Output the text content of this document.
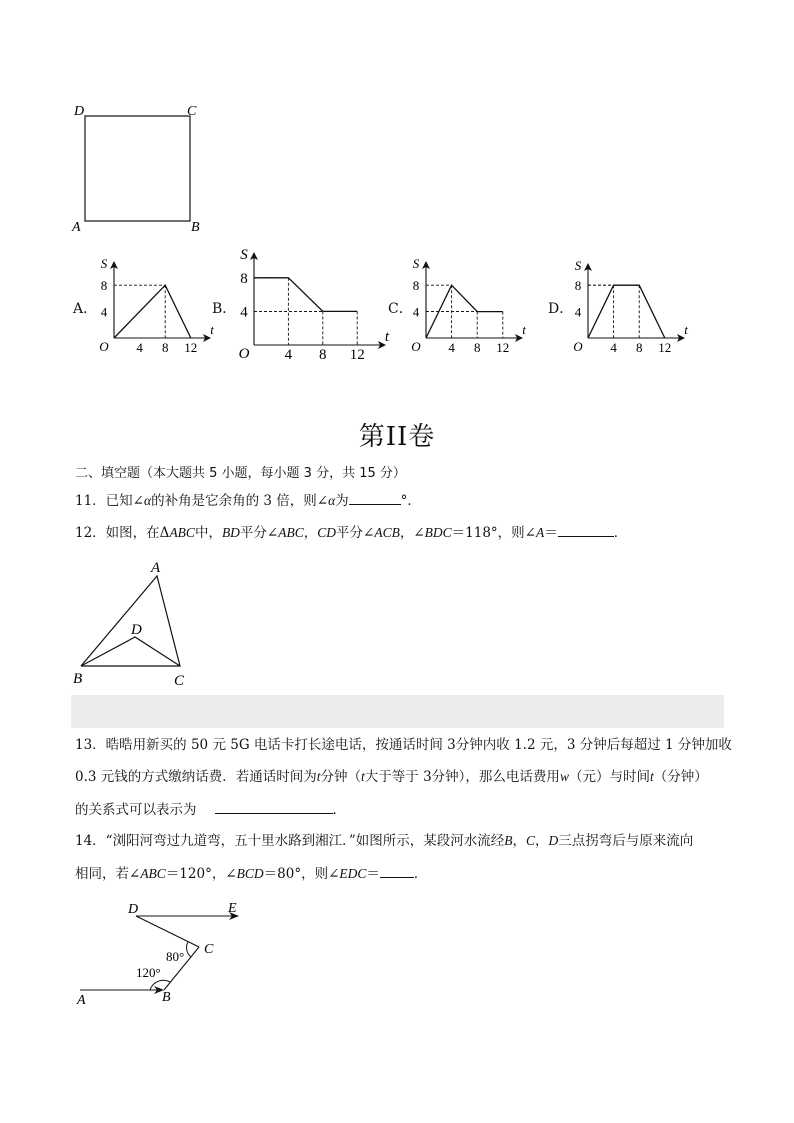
D	C
A	B
A．	B．	C．	D．
S
t
O 4 8 12
4
8
S
t
O 4 8 12
4
8
S
t
O 4 8 12
4
8
S
t
O 4 8 12
4
8
第II卷
二、填空题（本大题共 5 小题，每小题 3 分，共 15 分）
11．已知∠α的补角是它余角的 3 倍，则∠α为	°．
12．如图，在ΔABC中，BD平分∠ABC，CD平分∠ACB，∠BDC＝118°，则∠A＝	．
A
D
B	C
13．晧晧用新买的 50 元 5G 电话卡打长途电话，按通话时间 3分钟内收 1.2 元，3 分钟后每超过 1 分钟加收
0.3 元钱的方式缴纳话费．若通话时间为t分钟（t大于等于 3分钟），那么电话费用w（元）与时间t（分钟）
的关系式可以表示为	．
14．“浏阳河弯过九道弯，五十里水路到湘江．”如图所示，某段河水流经B，C，D三点拐弯后与原来流向
相同，若∠ABC＝120°，∠BCD＝80°，则∠EDC＝	．
D	E
C
A	B
80°
120°
